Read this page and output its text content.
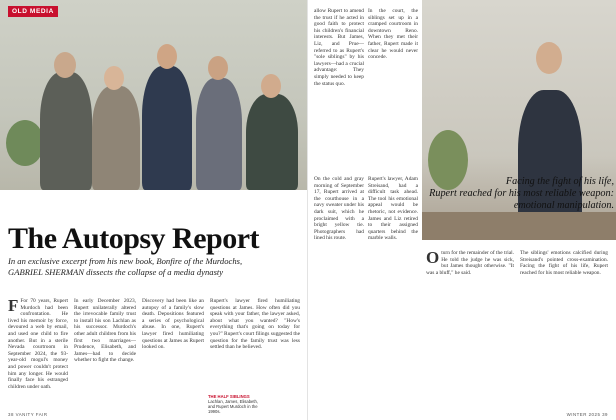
OLD MEDIA
The Autopsy Report
In an exclusive excerpt from his new book, Bonfire of the Murdochs, GABRIEL SHERMAN dissects the collapse of a media dynasty
F For 70 years, Rupert Murdoch had been confrontation. He lived his memoir by force, devoured a web by email, and used one child to fire another. But in a sterile Nevada courtroom in September 2024, the 93-year-old mogul's money and power couldn't protect him any longer. He would finally face his estranged children under oath.
In early December 2023, Rupert unilaterally altered the irrevocable family trust to install his son Lachlan as his successor. Murdoch's other adult children from his first two marriages—Prudence, Elisabeth, and James—had to decide whether to fight the change.
Discovery had been like an autopsy of a family's slow death. Depositions featured a series of psychological abuse. In one, Rupert's lawyer fired humiliating questions at James as Rupert looked on.
Rupert's lawyer fired humiliating questions at James. How often did you speak with your father, the lawyer asked, about what you wanted? "How's everything that's going on today for you?" Rupert's court filings suggested the question for the family trust was less settled than he believed.
THE HALF SIBLINGS
Lachlan, James, Elisabeth, and Rupert Murdoch in the 1990s.
38 VANITY FAIR
allow Rupert to amend the trust if he acted in good faith to protect his children's financial interests. But James, Liz, and Prue—referred to as Rupert's "sole siblings" by his lawyers—had a crucial advantage: They simply needed to keep the status quo.
In the court, the siblings set up in a cramped courtroom in downtown Reno. When they met their father, Rupert made it clear he would never concede.
Facing the fight of his life,
Rupert reached for his most reliable weapon:
emotional manipulation.
On the cold and gray morning of September 17, Rupert arrived at the courthouse in a navy sweater under his dark suit, which he proclaimed with a bright yellow tie. Photographers had lined his route.
Rupert's lawyer, Adam Streisand, had a difficult task ahead. The tool his emotional appeal would be rhetoric, not evidence. James and Liz retired to their assigned quarters behind the marble walls.
Oturn for the remainder of the trial. He told the judge he was sick, but James thought otherwise. "It was a bluff," he said.
The siblings' emotions calcified during Streisand's pointed cross-examination. Facing the fight of his life, Rupert reached for his most reliable weapon.
WINTER 2025 39
